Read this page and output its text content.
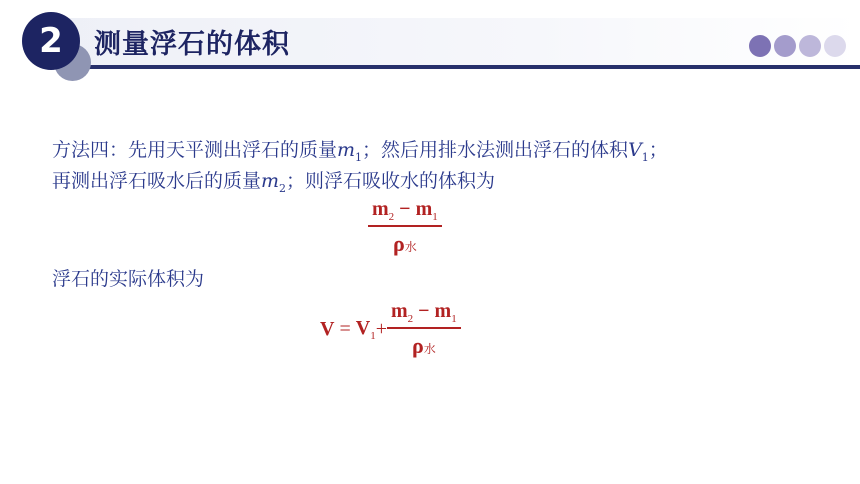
2	测量浮石的体积
方法四：先用天平测出浮石的质量$m_1$；然后用排水法测出浮石的体积$V_1$；
再测出浮石吸水后的质量$m_2$；则浮石吸收水的体积为
$\frac{m_2 - m_1}{\text{ρ水}}$
浮石的实际体积为
$V = V_1+ \frac{m_2 - m_1}{\text{ρ水}}$
